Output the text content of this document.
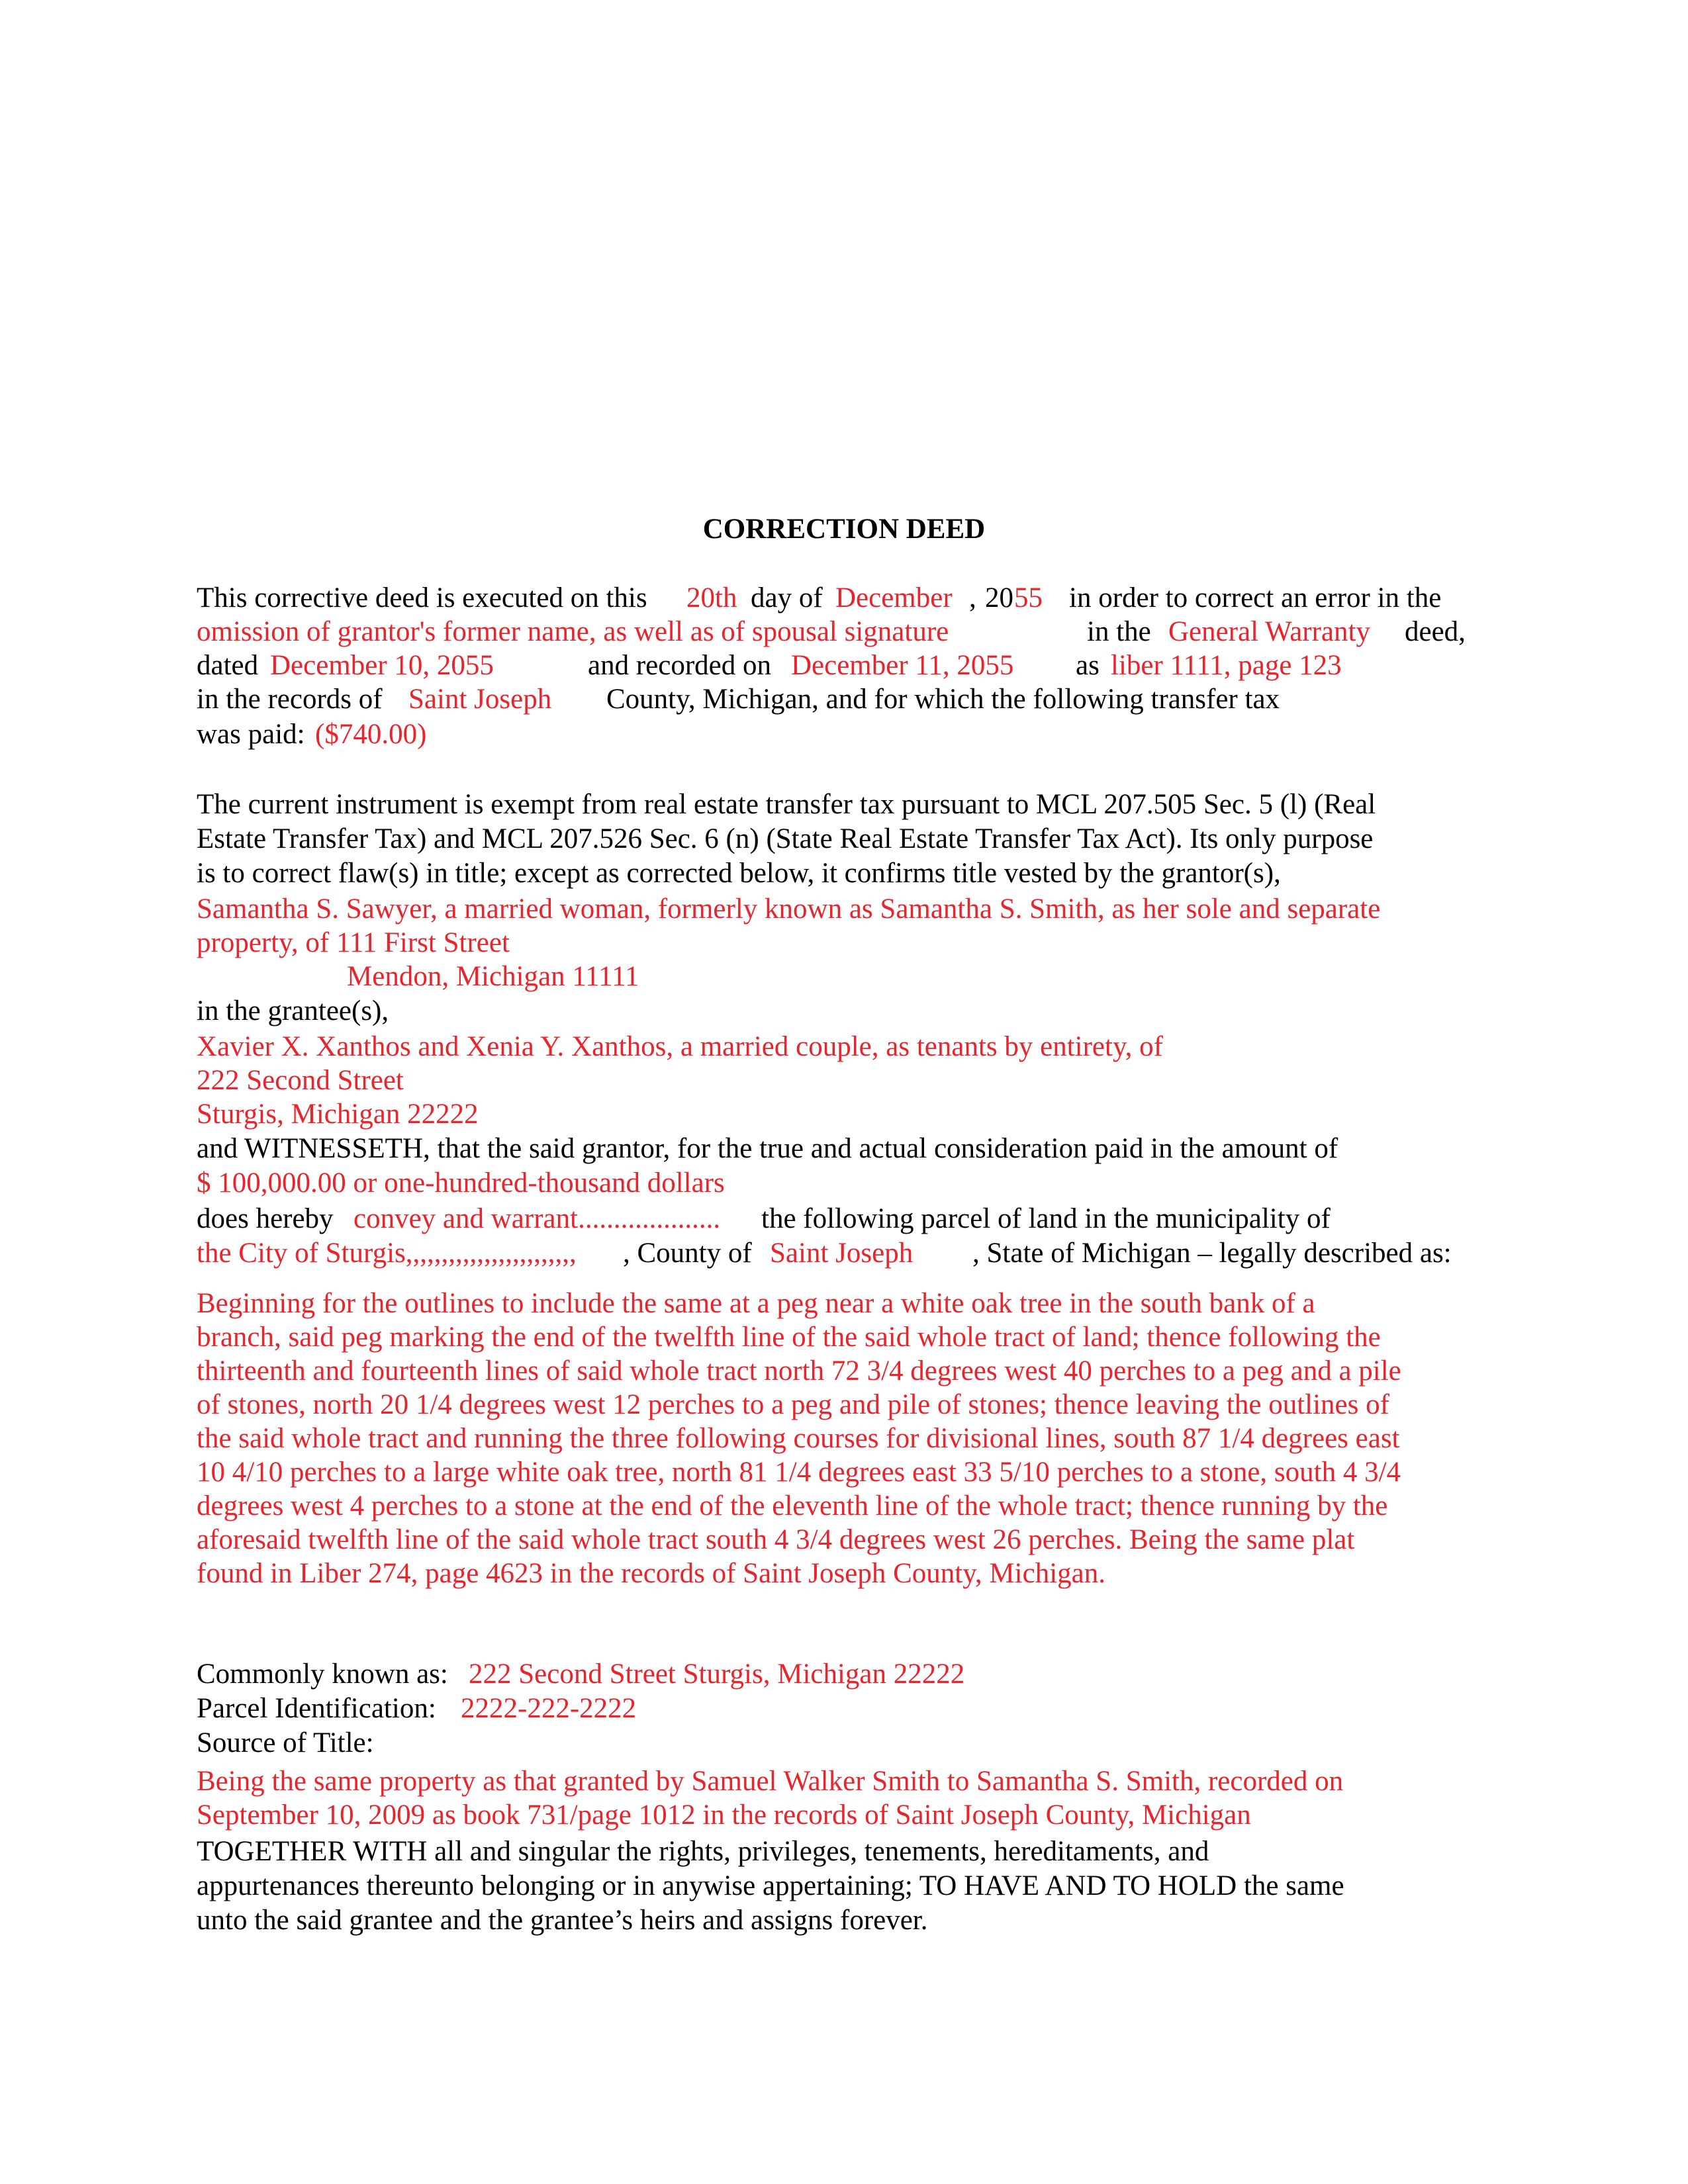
CORRECTION DEED
This corrective deed is executed on this 20th day of December , 20 55 in order to correct an error in the
omission of grantor's former name, as well as of spousal signature	in the General Warranty deed,
dated December 10, 2055	and recorded on December 11, 2055 as liber 1111, page 123
in the records of Saint Joseph County, Michigan, and for which the following transfer tax
was paid: ($740.00)
The current instrument is exempt from real estate transfer tax pursuant to MCL 207.505 Sec. 5 (l) (Real
Estate Transfer Tax) and MCL 207.526 Sec. 6 (n) (State Real Estate Transfer Tax Act). Its only purpose
is to correct flaw(s) in title; except as corrected below, it confirms title vested by the grantor(s),
Samantha S. Sawyer, a married woman, formerly known as Samantha S. Smith, as her sole and separate
property, of 111 First Street
Mendon, Michigan 11111
in the grantee(s),
Xavier X. Xanthos and Xenia Y. Xanthos, a married couple, as tenants by entirety, of
222 Second Street
Sturgis, Michigan 22222
and WITNESSETH, that the said grantor, for the true and actual consideration paid in the amount of
$ 100,000.00 or one-hundred-thousand dollars
does hereby convey and warrant.................... the following parcel of land in the municipality of
the City of Sturgis,,,,,,,,,,,,,,,,,,,,,,,, , County of Saint Joseph , State of Michigan – legally described as:
Beginning for the outlines to include the same at a peg near a white oak tree in the south bank of a
branch, said peg marking the end of the twelfth line of the said whole tract of land; thence following the
thirteenth and fourteenth lines of said whole tract north 72 3/4 degrees west 40 perches to a peg and a pile
of stones, north 20 1/4 degrees west 12 perches to a peg and pile of stones; thence leaving the outlines of
the said whole tract and running the three following courses for divisional lines, south 87 1/4 degrees east
10 4/10 perches to a large white oak tree, north 81 1/4 degrees east 33 5/10 perches to a stone, south 4 3/4
degrees west 4 perches to a stone at the end of the eleventh line of the whole tract; thence running by the
aforesaid twelfth line of the said whole tract south 4 3/4 degrees west 26 perches. Being the same plat
found in Liber 274, page 4623 in the records of Saint Joseph County, Michigan.
Commonly known as: 222 Second Street Sturgis, Michigan 22222
Parcel Identification: 2222-222-2222
Source of Title:
Being the same property as that granted by Samuel Walker Smith to Samantha S. Smith, recorded on
September 10, 2009 as book 731/page 1012 in the records of Saint Joseph County, Michigan
TOGETHER WITH all and singular the rights, privileges, tenements, hereditaments, and
appurtenances thereunto belonging or in anywise appertaining; TO HAVE AND TO HOLD the same
unto the said grantee and the grantee’s heirs and assigns forever.
